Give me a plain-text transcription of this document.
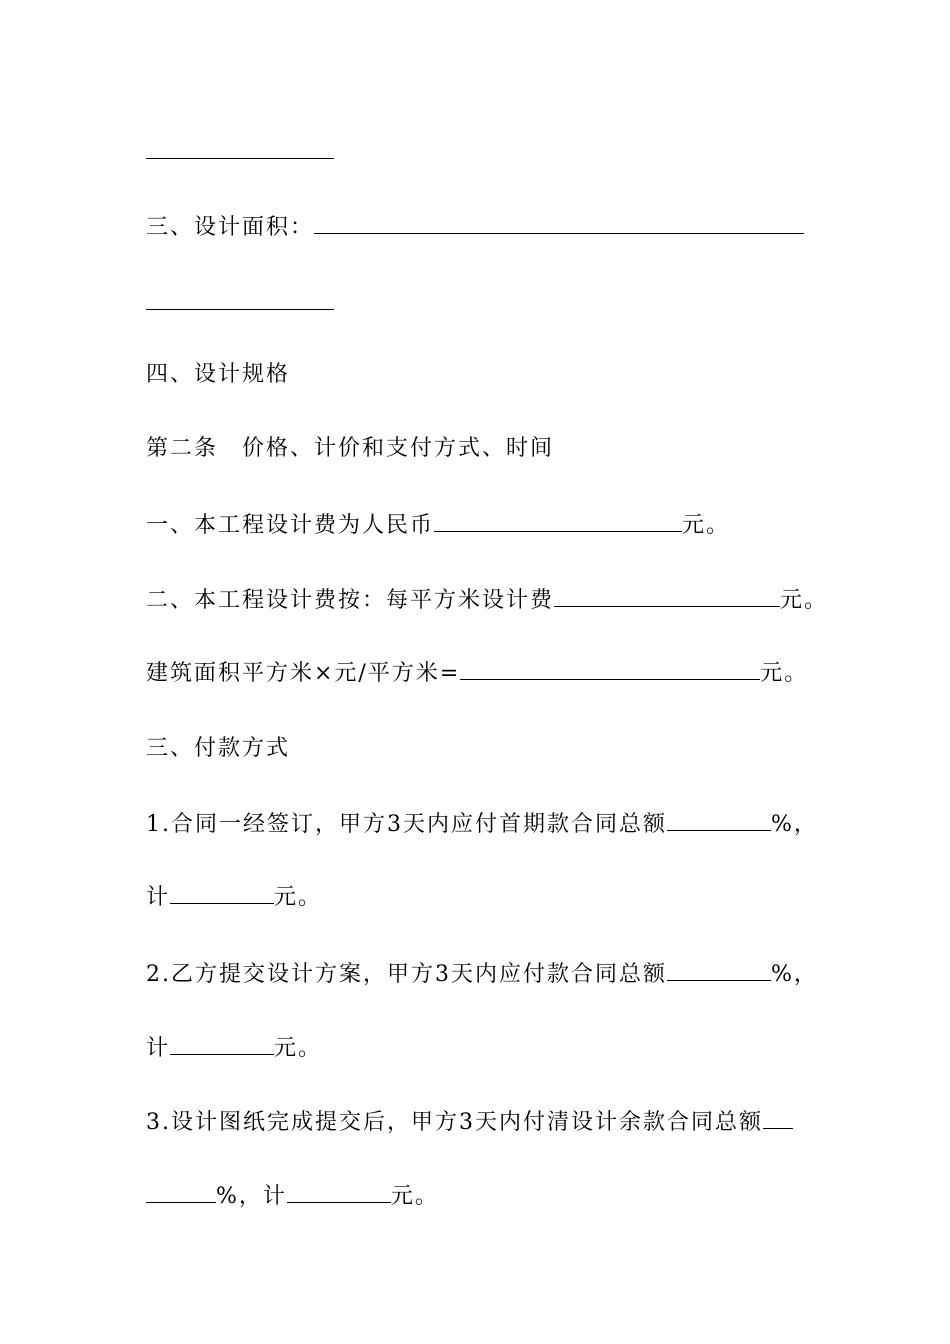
三、设计面积：
四、设计规格
第二条　价格、计价和支付方式、时间
一、本工程设计费为人民币	元。
二、本工程设计费按：每平方米设计费	元。
建筑面积平方米×元/平方米=	元。
三、付款方式
1.合同一经签订，甲方3天内应付首期款合同总额	%，
计	元。
2.乙方提交设计方案，甲方3天内应付款合同总额	%，
计	元。
3.设计图纸完成提交后，甲方3天内付清设计余款合同总额
%，计	元。
